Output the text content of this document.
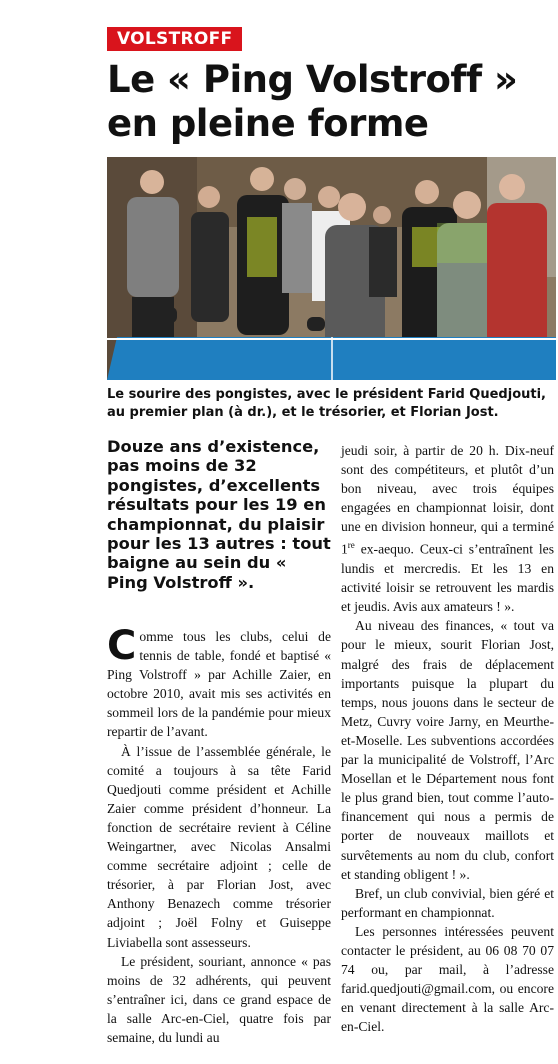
VOLSTROFF
Le « Ping Volstroff »
en pleine forme

Le sourire des pongistes, avec le président Farid Quedjouti,
au premier plan (à dr.), et le trésorier, et Florian Jost.

Douze ans d’existence, pas moins de 32 pongistes, d’excellents résultats pour les 19 en championnat, du plaisir pour les 13 autres : tout baigne au sein du « Ping Volstroff ».

Comme tous les clubs, celui de tennis de table, fondé et baptisé « Ping Volstroff » par Achille Zaier, en octobre 2010, avait mis ses activités en sommeil lors de la pandémie pour mieux repartir de l’avant.

À l’issue de l’assemblée générale, le comité a toujours à sa tête Farid Quedjouti comme président et Achille Zaier comme président d’honneur. La fonction de secrétaire revient à Céline Weingartner, avec Nicolas Ansalmi comme secrétaire adjoint ; celle de trésorier, à par Florian Jost, avec Anthony Benazech comme trésorier adjoint ; Joël Folny et Guiseppe Liviabella sont assesseurs.

Le président, souriant, annonce « pas moins de 32 adhérents, qui peuvent s’entraîner ici, dans ce grand espace de la salle Arc-en-Ciel, quatre fois par semaine, du lundi au

jeudi soir, à partir de 20 h. Dix-neuf sont des compétiteurs, et plutôt d’un bon niveau, avec trois équipes engagées en championnat loisir, dont une en division honneur, qui a terminé 1re ex-aequo. Ceux-ci s’entraînent les lundis et mercredis. Et les 13 en activité loisir se retrouvent les mardis et jeudis. Avis aux amateurs ! ».

Au niveau des finances, « tout va pour le mieux, sourit Florian Jost, malgré des frais de déplacement importants puisque la plupart du temps, nous jouons dans le secteur de Metz, Cuvry voire Jarny, en Meurthe-et-Moselle. Les subventions accordées par la municipalité de Volstroff, l’Arc Mosellan et le Département nous font le plus grand bien, tout comme l’auto-financement qui nous a permis de porter de nouveaux maillots et survêtements au nom du club, confort et standing obligent ! ».

Bref, un club convivial, bien géré et performant en championnat.

Les personnes intéressées peuvent contacter le président, au 06 08 70 07 74 ou, par mail, à l’adresse farid.quedjouti@gmail.com, ou encore en venant directement à la salle Arc-en-Ciel.
